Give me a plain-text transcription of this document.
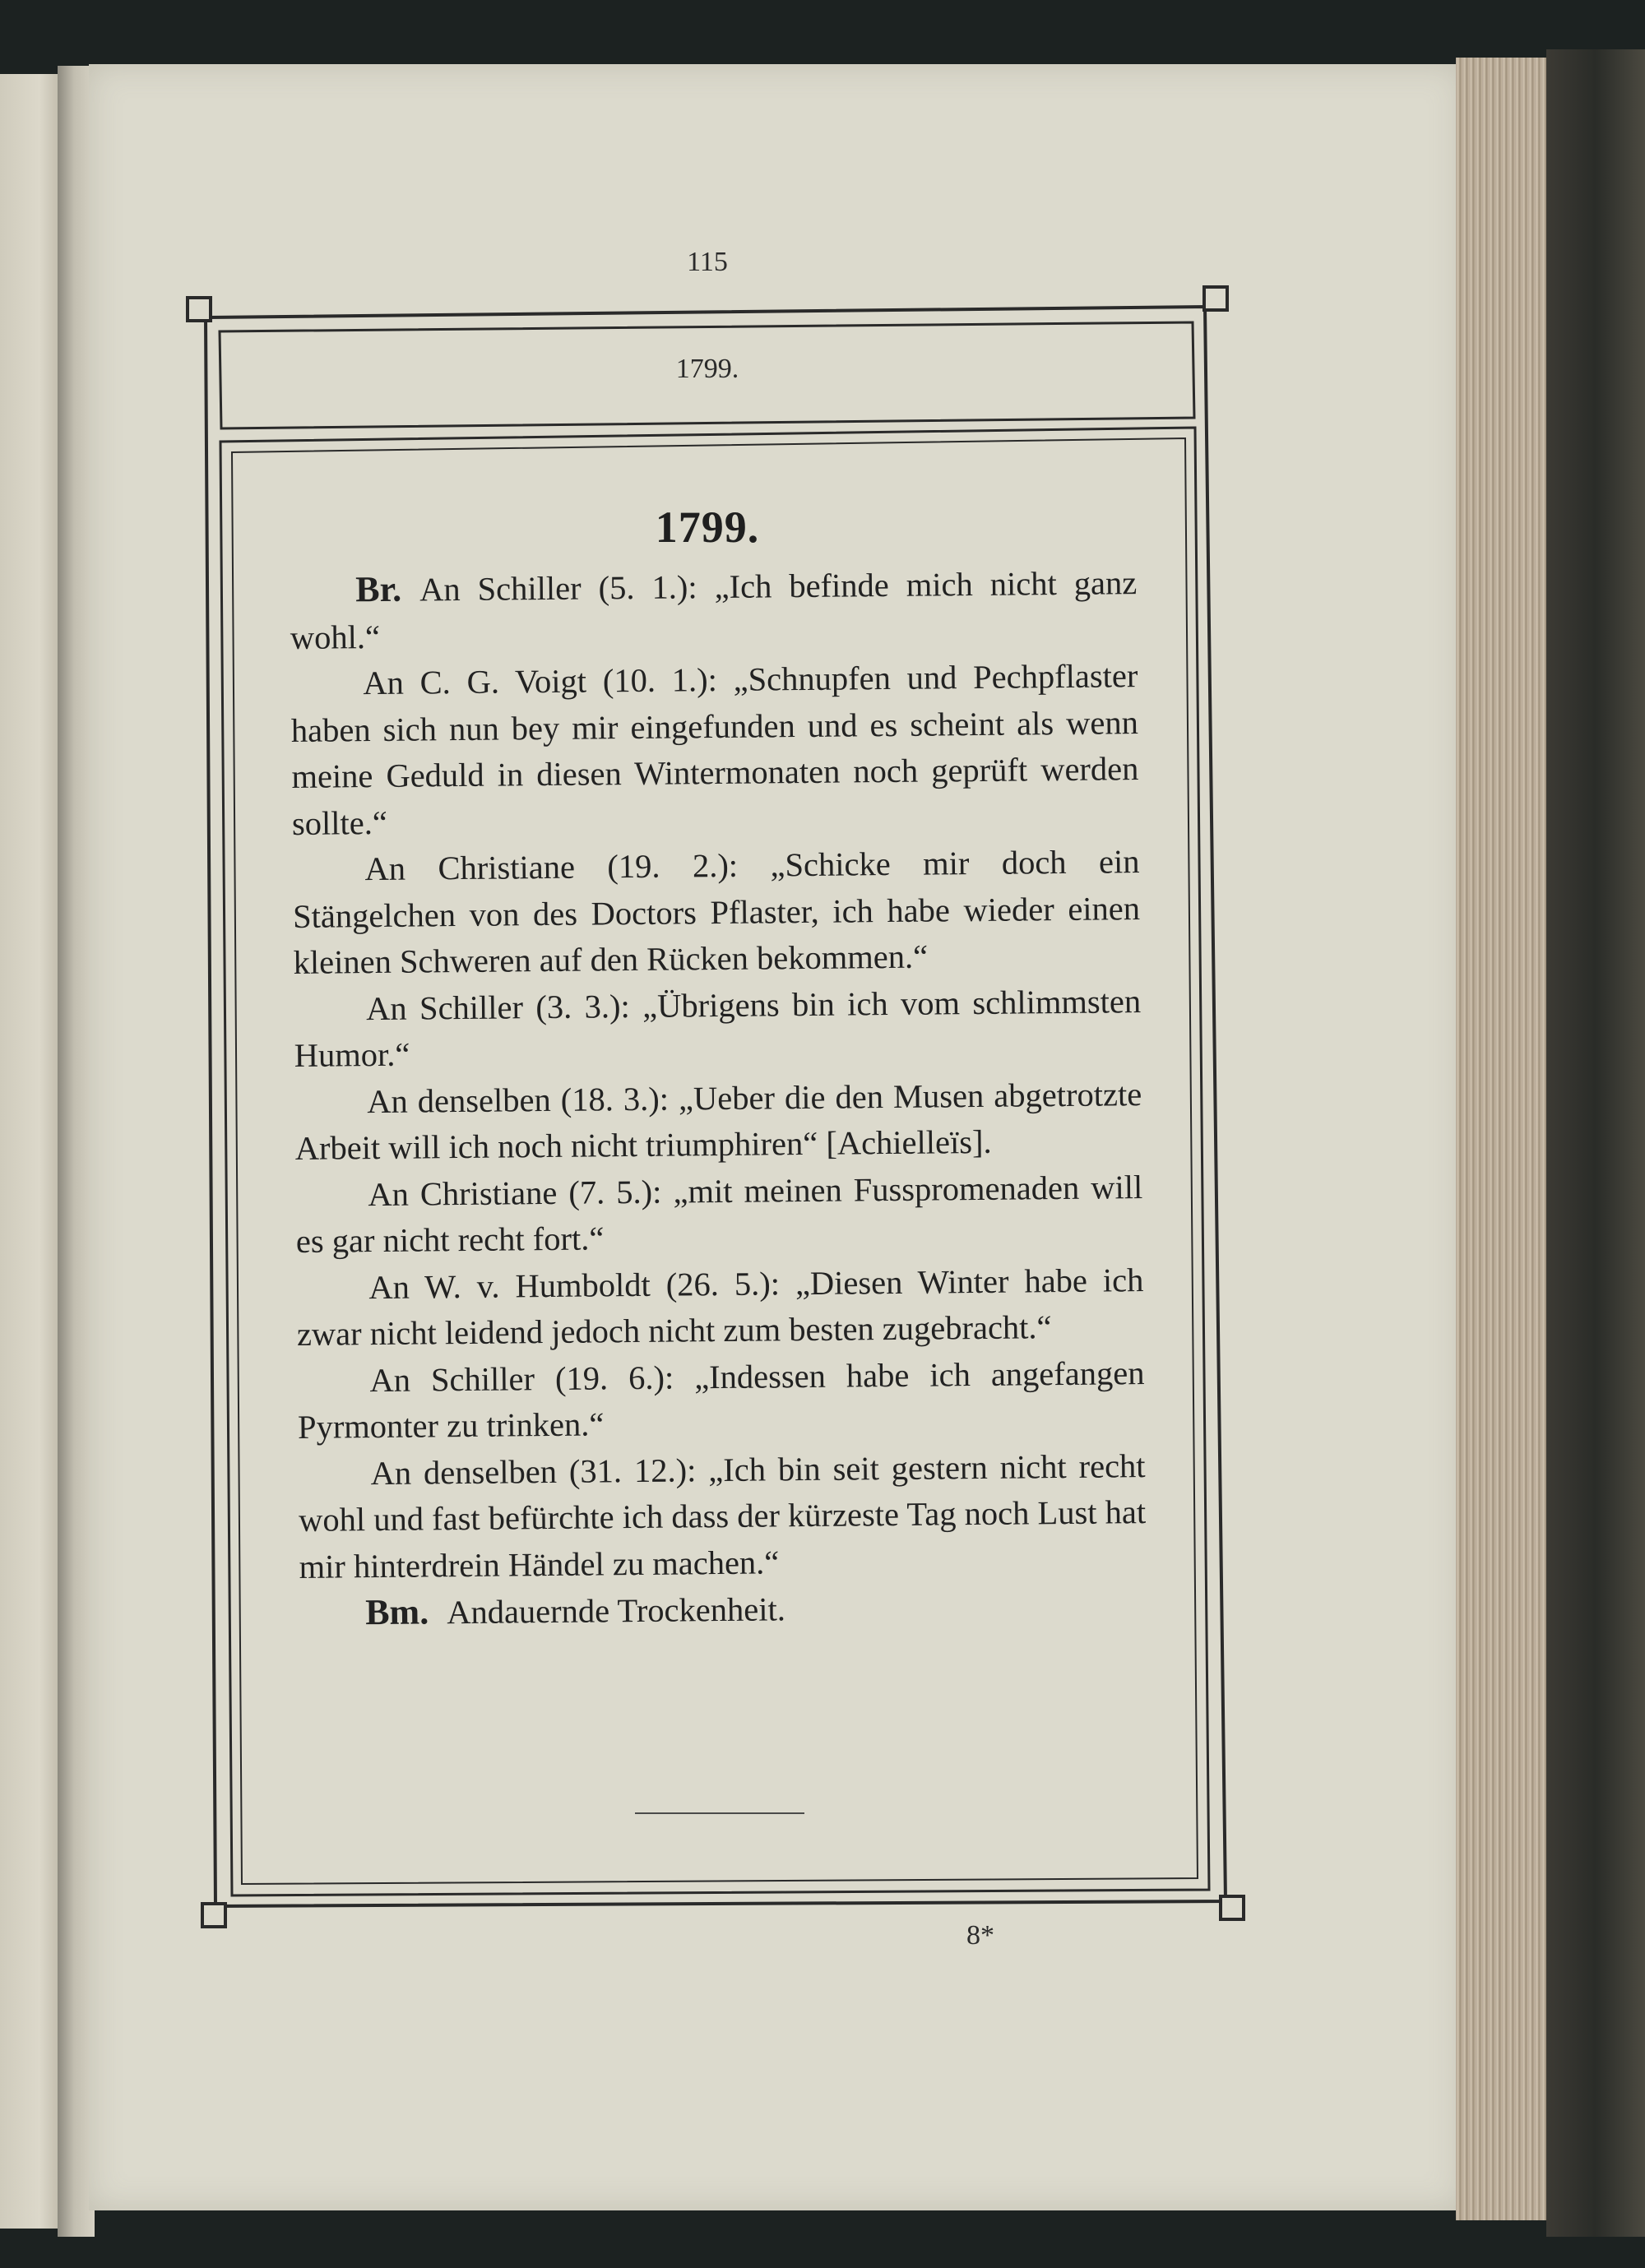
115
1799.
1799.

Br. An Schiller (5. 1.): „Ich befinde mich nicht ganz wohl.“

An C. G. Voigt (10. 1.): „Schnupfen und Pechpflaster haben sich nun bey mir eingefunden und es scheint als wenn meine Geduld in diesen Wintermonaten noch geprüft werden sollte.“

An Christiane (19. 2.): „Schicke mir doch ein Stängelchen von des Doctors Pflaster, ich habe wieder einen kleinen Schweren auf den Rücken bekommen.“

An Schiller (3. 3.): „Übrigens bin ich vom schlimmsten Humor.“

An denselben (18. 3.): „Ueber die den Musen abgetrotzte Arbeit will ich noch nicht triumphiren“ [Achielleïs].

An Christiane (7. 5.): „mit meinen Fusspromenaden will es gar nicht recht fort.“

An W. v. Humboldt (26. 5.): „Diesen Winter habe ich zwar nicht leidend jedoch nicht zum besten zugebracht.“

An Schiller (19. 6.): „Indessen habe ich angefangen Pyrmonter zu trinken.“

An denselben (31. 12.): „Ich bin seit gestern nicht recht wohl und fast befürchte ich dass der kürzeste Tag noch Lust hat mir hinterdrein Händel zu machen.“

Bm. Andauernde Trockenheit.

8*
